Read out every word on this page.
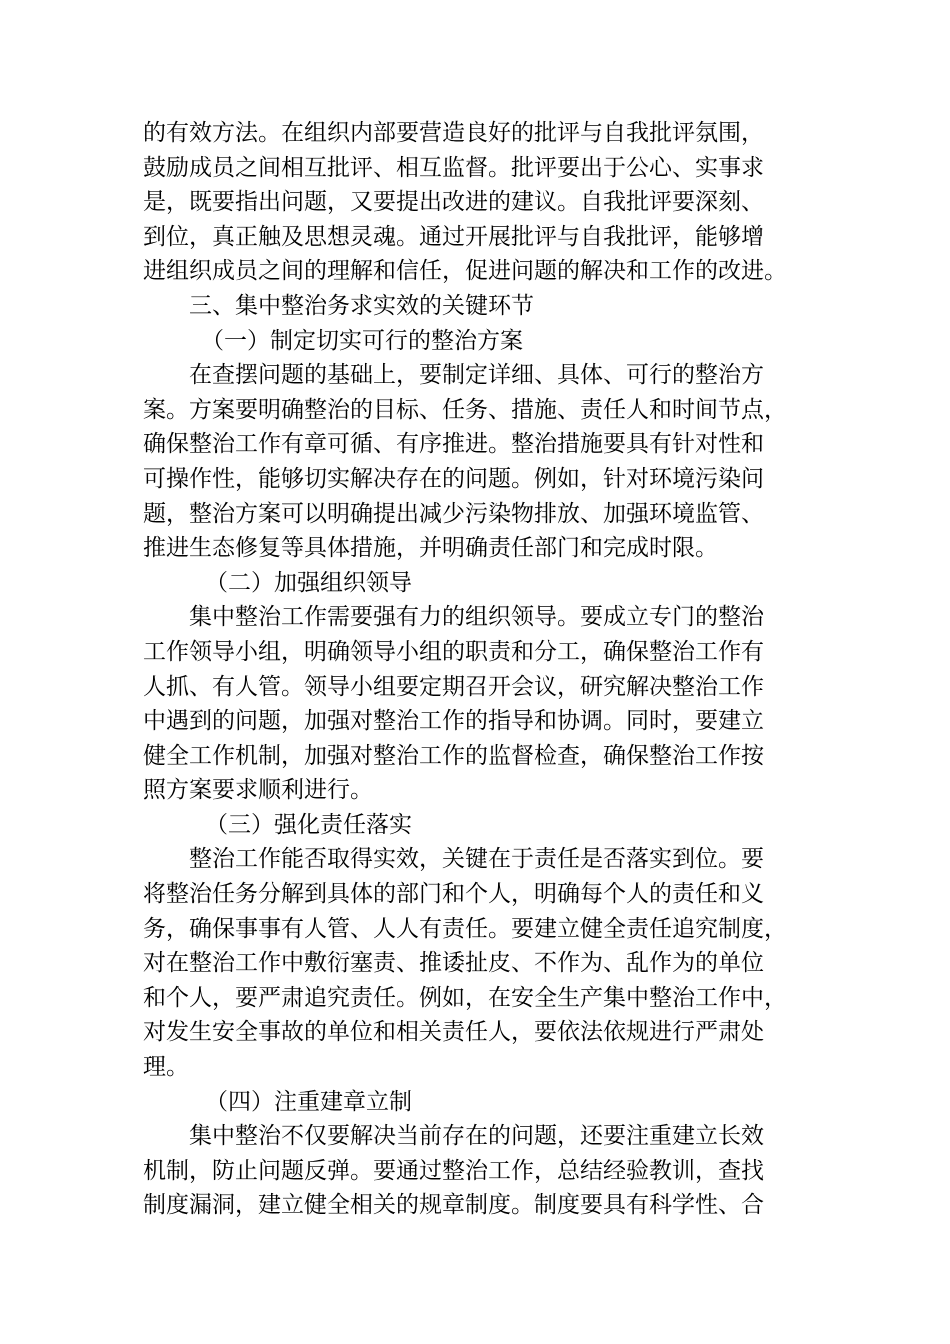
的有效方法。在组织内部要营造良好的批评与自我批评氛围，
鼓励成员之间相互批评、相互监督。批评要出于公心、实事求
是，既要指出问题，又要提出改进的建议。自我批评要深刻、
到位，真正触及思想灵魂。通过开展批评与自我批评，能够增
进组织成员之间的理解和信任，促进问题的解决和工作的改进。
三、集中整治务求实效的关键环节
（一）制定切实可行的整治方案
在查摆问题的基础上，要制定详细、具体、可行的整治方
案。方案要明确整治的目标、任务、措施、责任人和时间节点，
确保整治工作有章可循、有序推进。整治措施要具有针对性和
可操作性，能够切实解决存在的问题。例如，针对环境污染问
题，整治方案可以明确提出减少污染物排放、加强环境监管、
推进生态修复等具体措施，并明确责任部门和完成时限。
（二）加强组织领导
集中整治工作需要强有力的组织领导。要成立专门的整治
工作领导小组，明确领导小组的职责和分工，确保整治工作有
人抓、有人管。领导小组要定期召开会议，研究解决整治工作
中遇到的问题，加强对整治工作的指导和协调。同时，要建立
健全工作机制，加强对整治工作的监督检查，确保整治工作按
照方案要求顺利进行。
（三）强化责任落实
整治工作能否取得实效，关键在于责任是否落实到位。要
将整治任务分解到具体的部门和个人，明确每个人的责任和义
务，确保事事有人管、人人有责任。要建立健全责任追究制度，
对在整治工作中敷衍塞责、推诿扯皮、不作为、乱作为的单位
和个人，要严肃追究责任。例如，在安全生产集中整治工作中，
对发生安全事故的单位和相关责任人，要依法依规进行严肃处
理。
（四）注重建章立制
集中整治不仅要解决当前存在的问题，还要注重建立长效
机制，防止问题反弹。要通过整治工作，总结经验教训，查找
制度漏洞，建立健全相关的规章制度。制度要具有科学性、合
